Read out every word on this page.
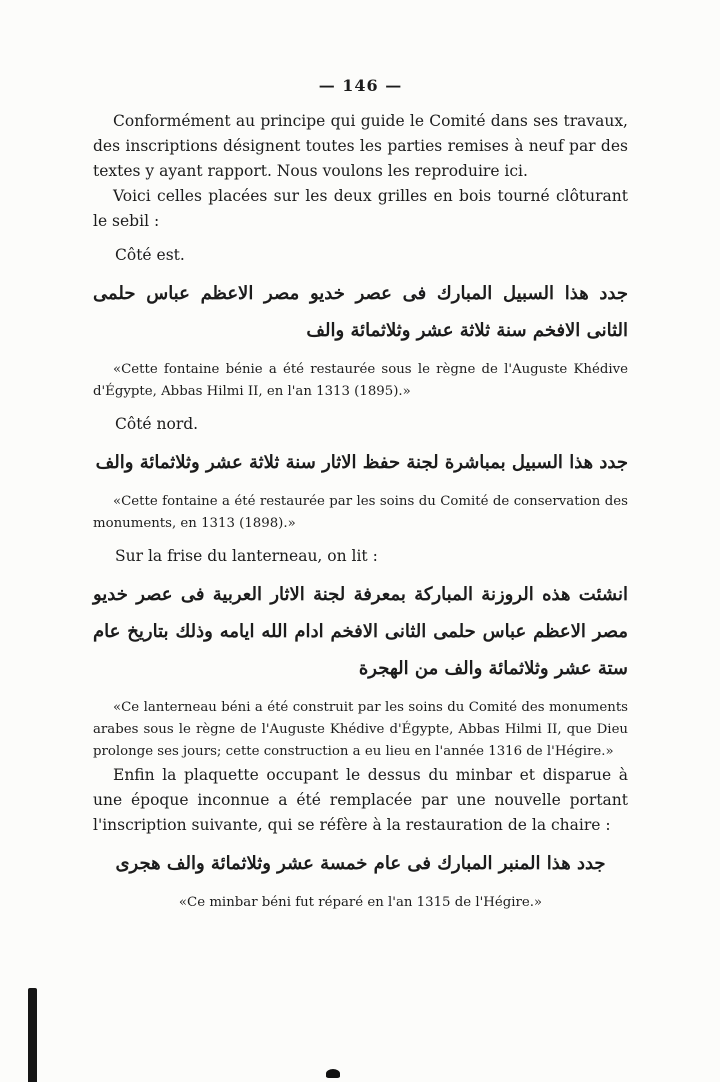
— 146 —

Conformément au principe qui guide le Comité dans ses travaux, des inscriptions désignent toutes les parties remises à neuf par des textes y ayant rapport. Nous voulons les reproduire ici.

Voici celles placées sur les deux grilles en bois tourné clôturant le sebil :

Côté est.

جدد هذا السبيل المبارك فى عصر خديو مصر الاعظم عباس حلمى الثانى الافخم سنة ثلاثة عشر وثلاثمائة والف

«Cette fontaine bénie a été restaurée sous le règne de l'Auguste Khédive d'Égypte, Abbas Hilmi II, en l'an 1313 (1895).»

Côté nord.

جدد هذا السبيل بمباشرة لجنة حفظ الاثار سنة ثلاثة عشر وثلاثمائة والف

«Cette fontaine a été restaurée par les soins du Comité de conservation des monuments, en 1313 (1898).»

Sur la frise du lanterneau, on lit :

انشئت هذه الروزنة المباركة بمعرفة لجنة الاثار العربية فى عصر خديو مصر الاعظم عباس حلمى الثانى الافخم ادام الله ايامه وذلك بتاريخ عام ستة عشر وثلاثمائة والف من الهجرة

«Ce lanterneau béni a été construit par les soins du Comité des monuments arabes sous le règne de l'Auguste Khédive d'Égypte, Abbas Hilmi II, que Dieu prolonge ses jours; cette construction a eu lieu en l'année 1316 de l'Hégire.»

Enfin la plaquette occupant le dessus du minbar et disparue à une époque inconnue a été remplacée par une nouvelle portant l'inscription suivante, qui se réfère à la restauration de la chaire :

جدد هذا المنبر المبارك فى عام خمسة عشر وثلاثمائة والف هجرى

«Ce minbar béni fut réparé en l'an 1315 de l'Hégire.»
